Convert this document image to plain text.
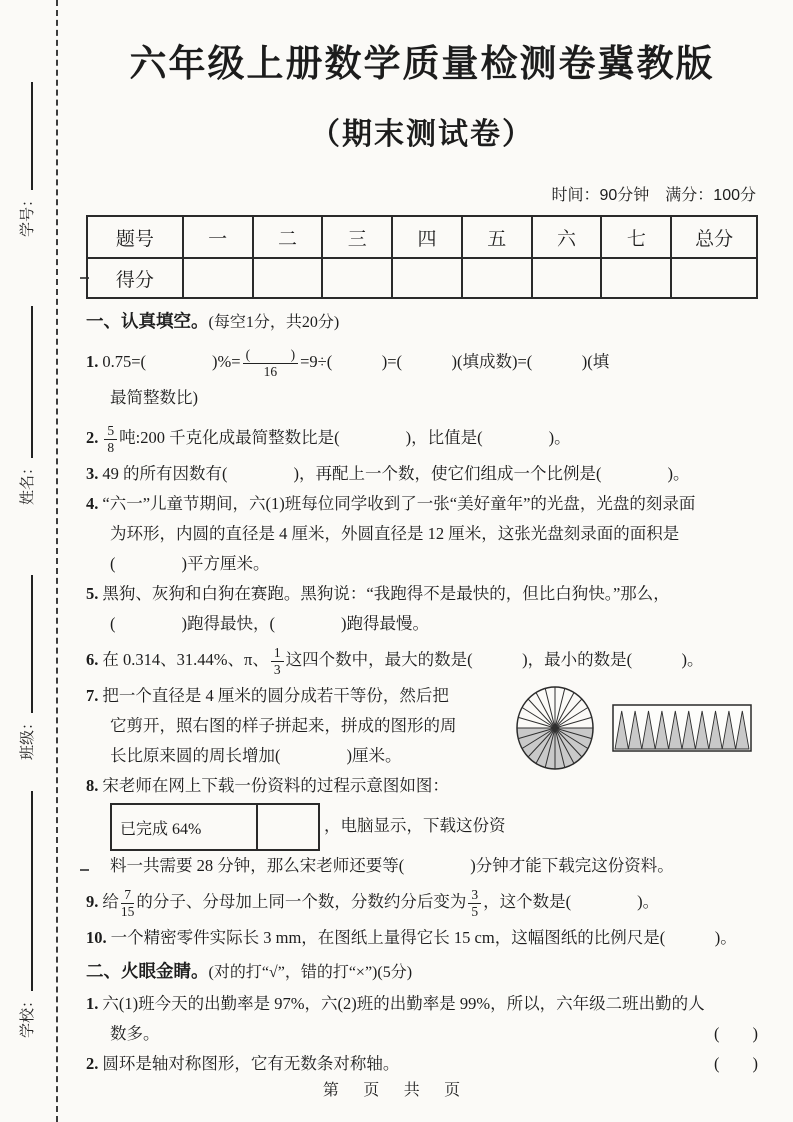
学号：
姓名：
班级：
学校：
六年级上册数学质量检测卷冀教版
（期末测试卷）
时间：90分钟　满分：100分
题号	一	二	三	四	五	六	七	总分
得分								
一、认真填空。(每空1分，共20分)
1. 0.75=(　　　　)%= $\frac{( )}{16} =9\div$(　　　)=(　　　)(填成数)=(　　　)(填
最简整数比)
2. $\frac{5}{8}$ 吨:200 千克化成最简整数比是(　　　　)，比值是(　　　　)。
3. 49 的所有因数有(　　　　)，再配上一个数，使它们组成一个比例是(　　　　)。
4. “六一”儿童节期间，六(1)班每位同学收到了一张“美好童年”的光盘，光盘的刻录面
为环形，内圆的直径是 4 厘米，外圆直径是 12 厘米，这张光盘刻录面的面积是
(　　　　)平方厘米。
5. 黑狗、灰狗和白狗在赛跑。黑狗说：“我跑得不是最快的，但比白狗快。”那么，
(　　　　)跑得最快，(　　　　)跑得最慢。
6. 在 0.314、31.44%、π、 $\frac{1}{3}$ 这四个数中，最大的数是(　　　)，最小的数是(　　　)。
7. 把一个直径是 4 厘米的圆分成若干等份，然后把
它剪开，照右图的样子拼起来，拼成的图形的周
长比原来圆的周长增加(　　　　)厘米。
8. 宋老师在网上下载一份资料的过程示意图如图：
已完成 64%	，电脑显示，下载这份资
料一共需要 28 分钟，那么宋老师还要等(　　　　)分钟才能下载完这份资料。
9. 给 $\frac{7}{15}$ 的分子、分母加上同一个数，分数约分后变为 $\frac{3}{5}$ ，这个数是(　　　　)。
10. 一个精密零件实际长 3 mm，在图纸上量得它长 15 cm，这幅图纸的比例尺是(　　　)。
二、火眼金睛。(对的打“√”，错的打“×”)(5分)
1. 六(1)班今天的出勤率是 97%，六(2)班的出勤率是 99%，所以，六年级二班出勤的人
(　　)
数多。
(　　)
2. 圆环是轴对称图形，它有无数条对称轴。
第 页 共 页
